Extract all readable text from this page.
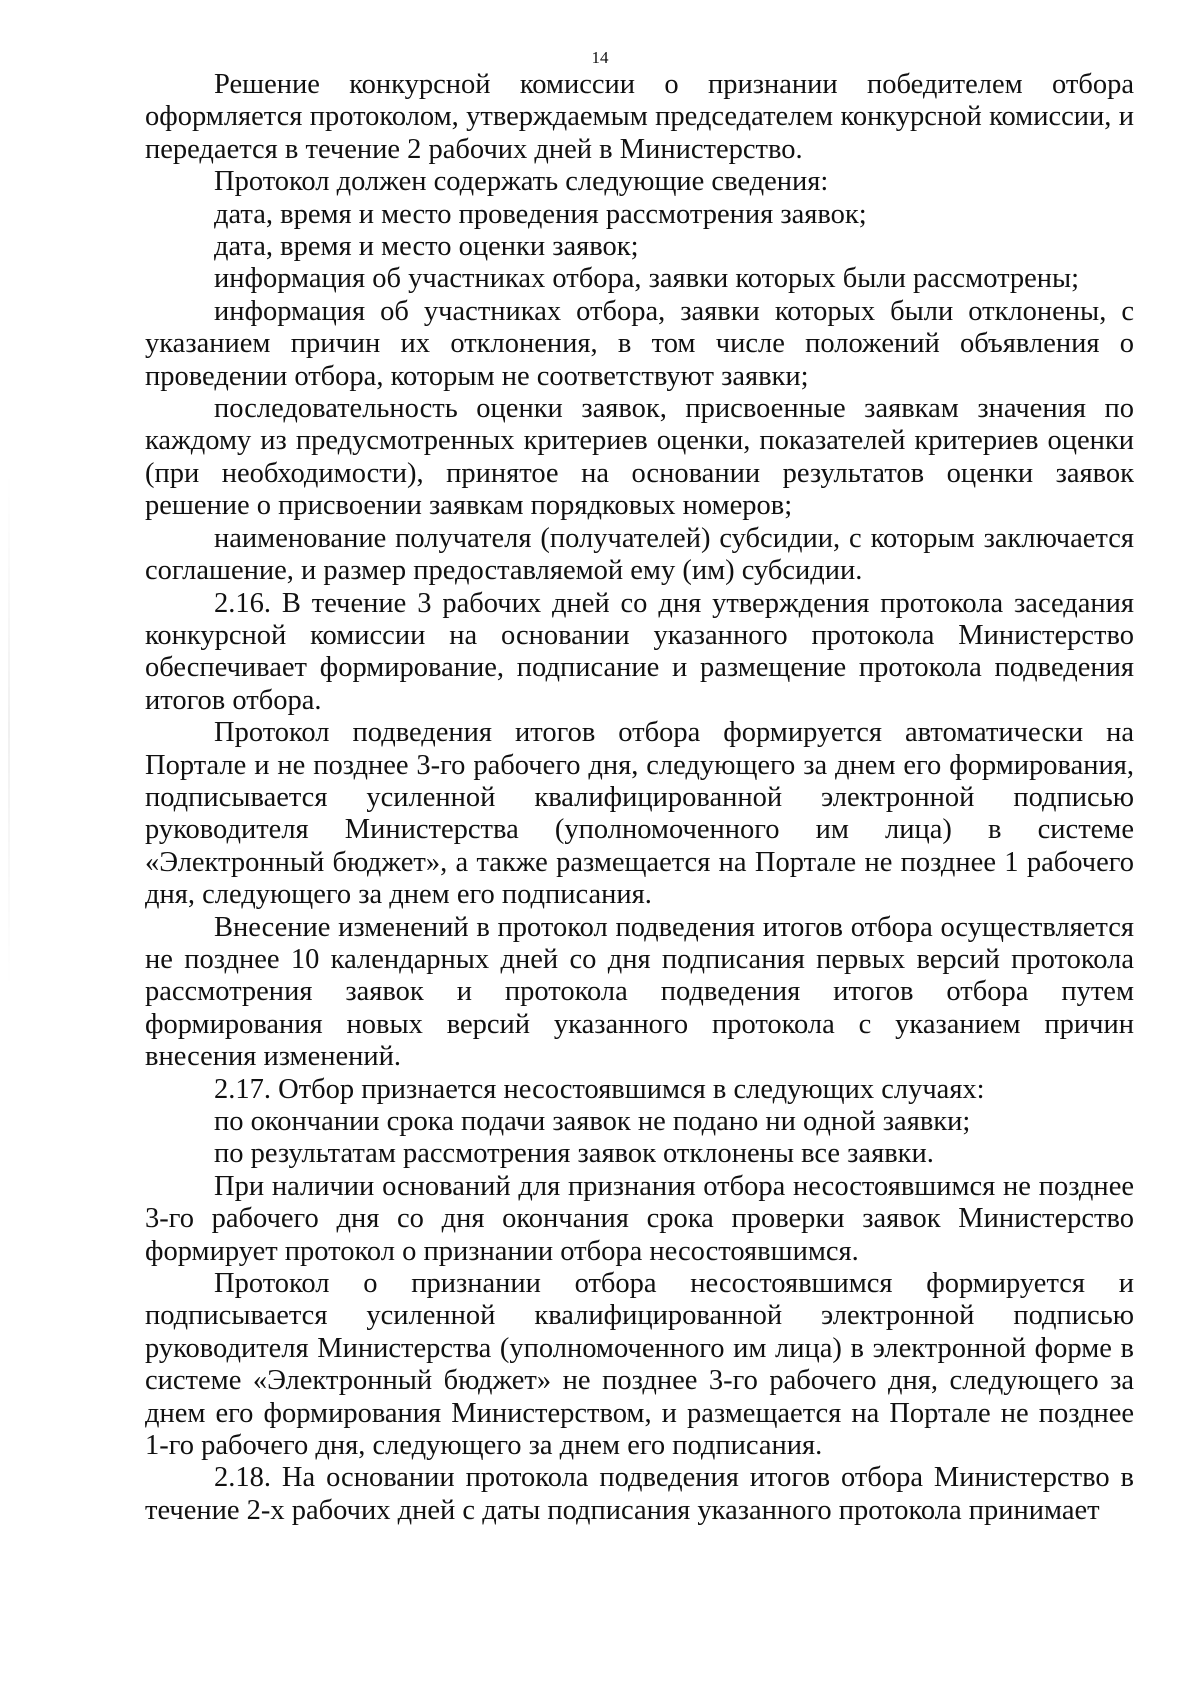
14

Решение конкурсной комиссии о признании победителем отбора оформляется протоколом, утверждаемым председателем конкурсной комиссии, и передается в течение 2 рабочих дней в Министерство.

Протокол должен содержать следующие сведения:

дата, время и место проведения рассмотрения заявок;

дата, время и место оценки заявок;

информация об участниках отбора, заявки которых были рассмотрены;

информация об участниках отбора, заявки которых были отклонены, с указанием причин их отклонения, в том числе положений объявления о проведении отбора, которым не соответствуют заявки;

последовательность оценки заявок, присвоенные заявкам значения по каждому из предусмотренных критериев оценки, показателей критериев оценки (при необходимости), принятое на основании результатов оценки заявок решение о присвоении заявкам порядковых номеров;

наименование получателя (получателей) субсидии, с которым заключается соглашение, и размер предоставляемой ему (им) субсидии.

2.16. В течение 3 рабочих дней со дня утверждения протокола заседания конкурсной комиссии на основании указанного протокола Министерство обеспечивает формирование, подписание и размещение протокола подведения итогов отбора.

Протокол подведения итогов отбора формируется автоматически на Портале и не позднее 3-го рабочего дня, следующего за днем его формирования, подписывается усиленной квалифицированной электронной подписью руководителя Министерства (уполномоченного им лица) в системе «Электронный бюджет», а также размещается на Портале не позднее 1 рабочего дня, следующего за днем его подписания.

Внесение изменений в протокол подведения итогов отбора осуществляется не позднее 10 календарных дней со дня подписания первых версий протокола рассмотрения заявок и протокола подведения итогов отбора путем формирования новых версий указанного протокола с указанием причин внесения изменений.

2.17. Отбор признается несостоявшимся в следующих случаях:

по окончании срока подачи заявок не подано ни одной заявки;

по результатам рассмотрения заявок отклонены все заявки.

При наличии оснований для признания отбора несостоявшимся не позднее 3-го рабочего дня со дня окончания срока проверки заявок Министерство формирует протокол о признании отбора несостоявшимся.

Протокол о признании отбора несостоявшимся формируется и подписывается усиленной квалифицированной электронной подписью руководителя Министерства (уполномоченного им лица) в электронной форме в системе «Электронный бюджет» не позднее 3-го рабочего дня, следующего за днем его формирования Министерством, и размещается на Портале не позднее 1-го рабочего дня, следующего за днем его подписания.

2.18. На основании протокола подведения итогов отбора Министерство в течение 2-х рабочих дней с даты подписания указанного протокола принимает
